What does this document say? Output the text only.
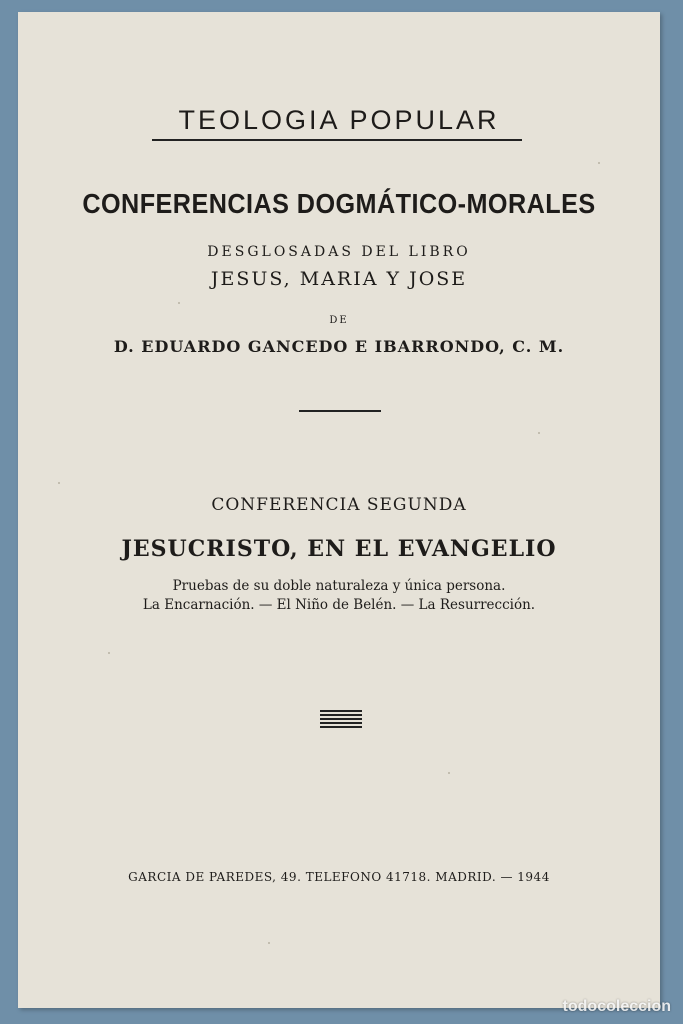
TEOLOGIA POPULAR
CONFERENCIAS DOGMÁTICO-MORALES
DESGLOSADAS DEL LIBRO
JESUS, MARIA Y JOSE
DE
D. EDUARDO GANCEDO E IBARRONDO, C. M.
CONFERENCIA SEGUNDA
JESUCRISTO, EN EL EVANGELIO
Pruebas de su doble naturaleza y única persona.
La Encarnación. — El Niño de Belén. — La Resurrección.
GARCIA DE PAREDES, 49. TELEFONO 41718. MADRID. — 1944
todocoleccion
